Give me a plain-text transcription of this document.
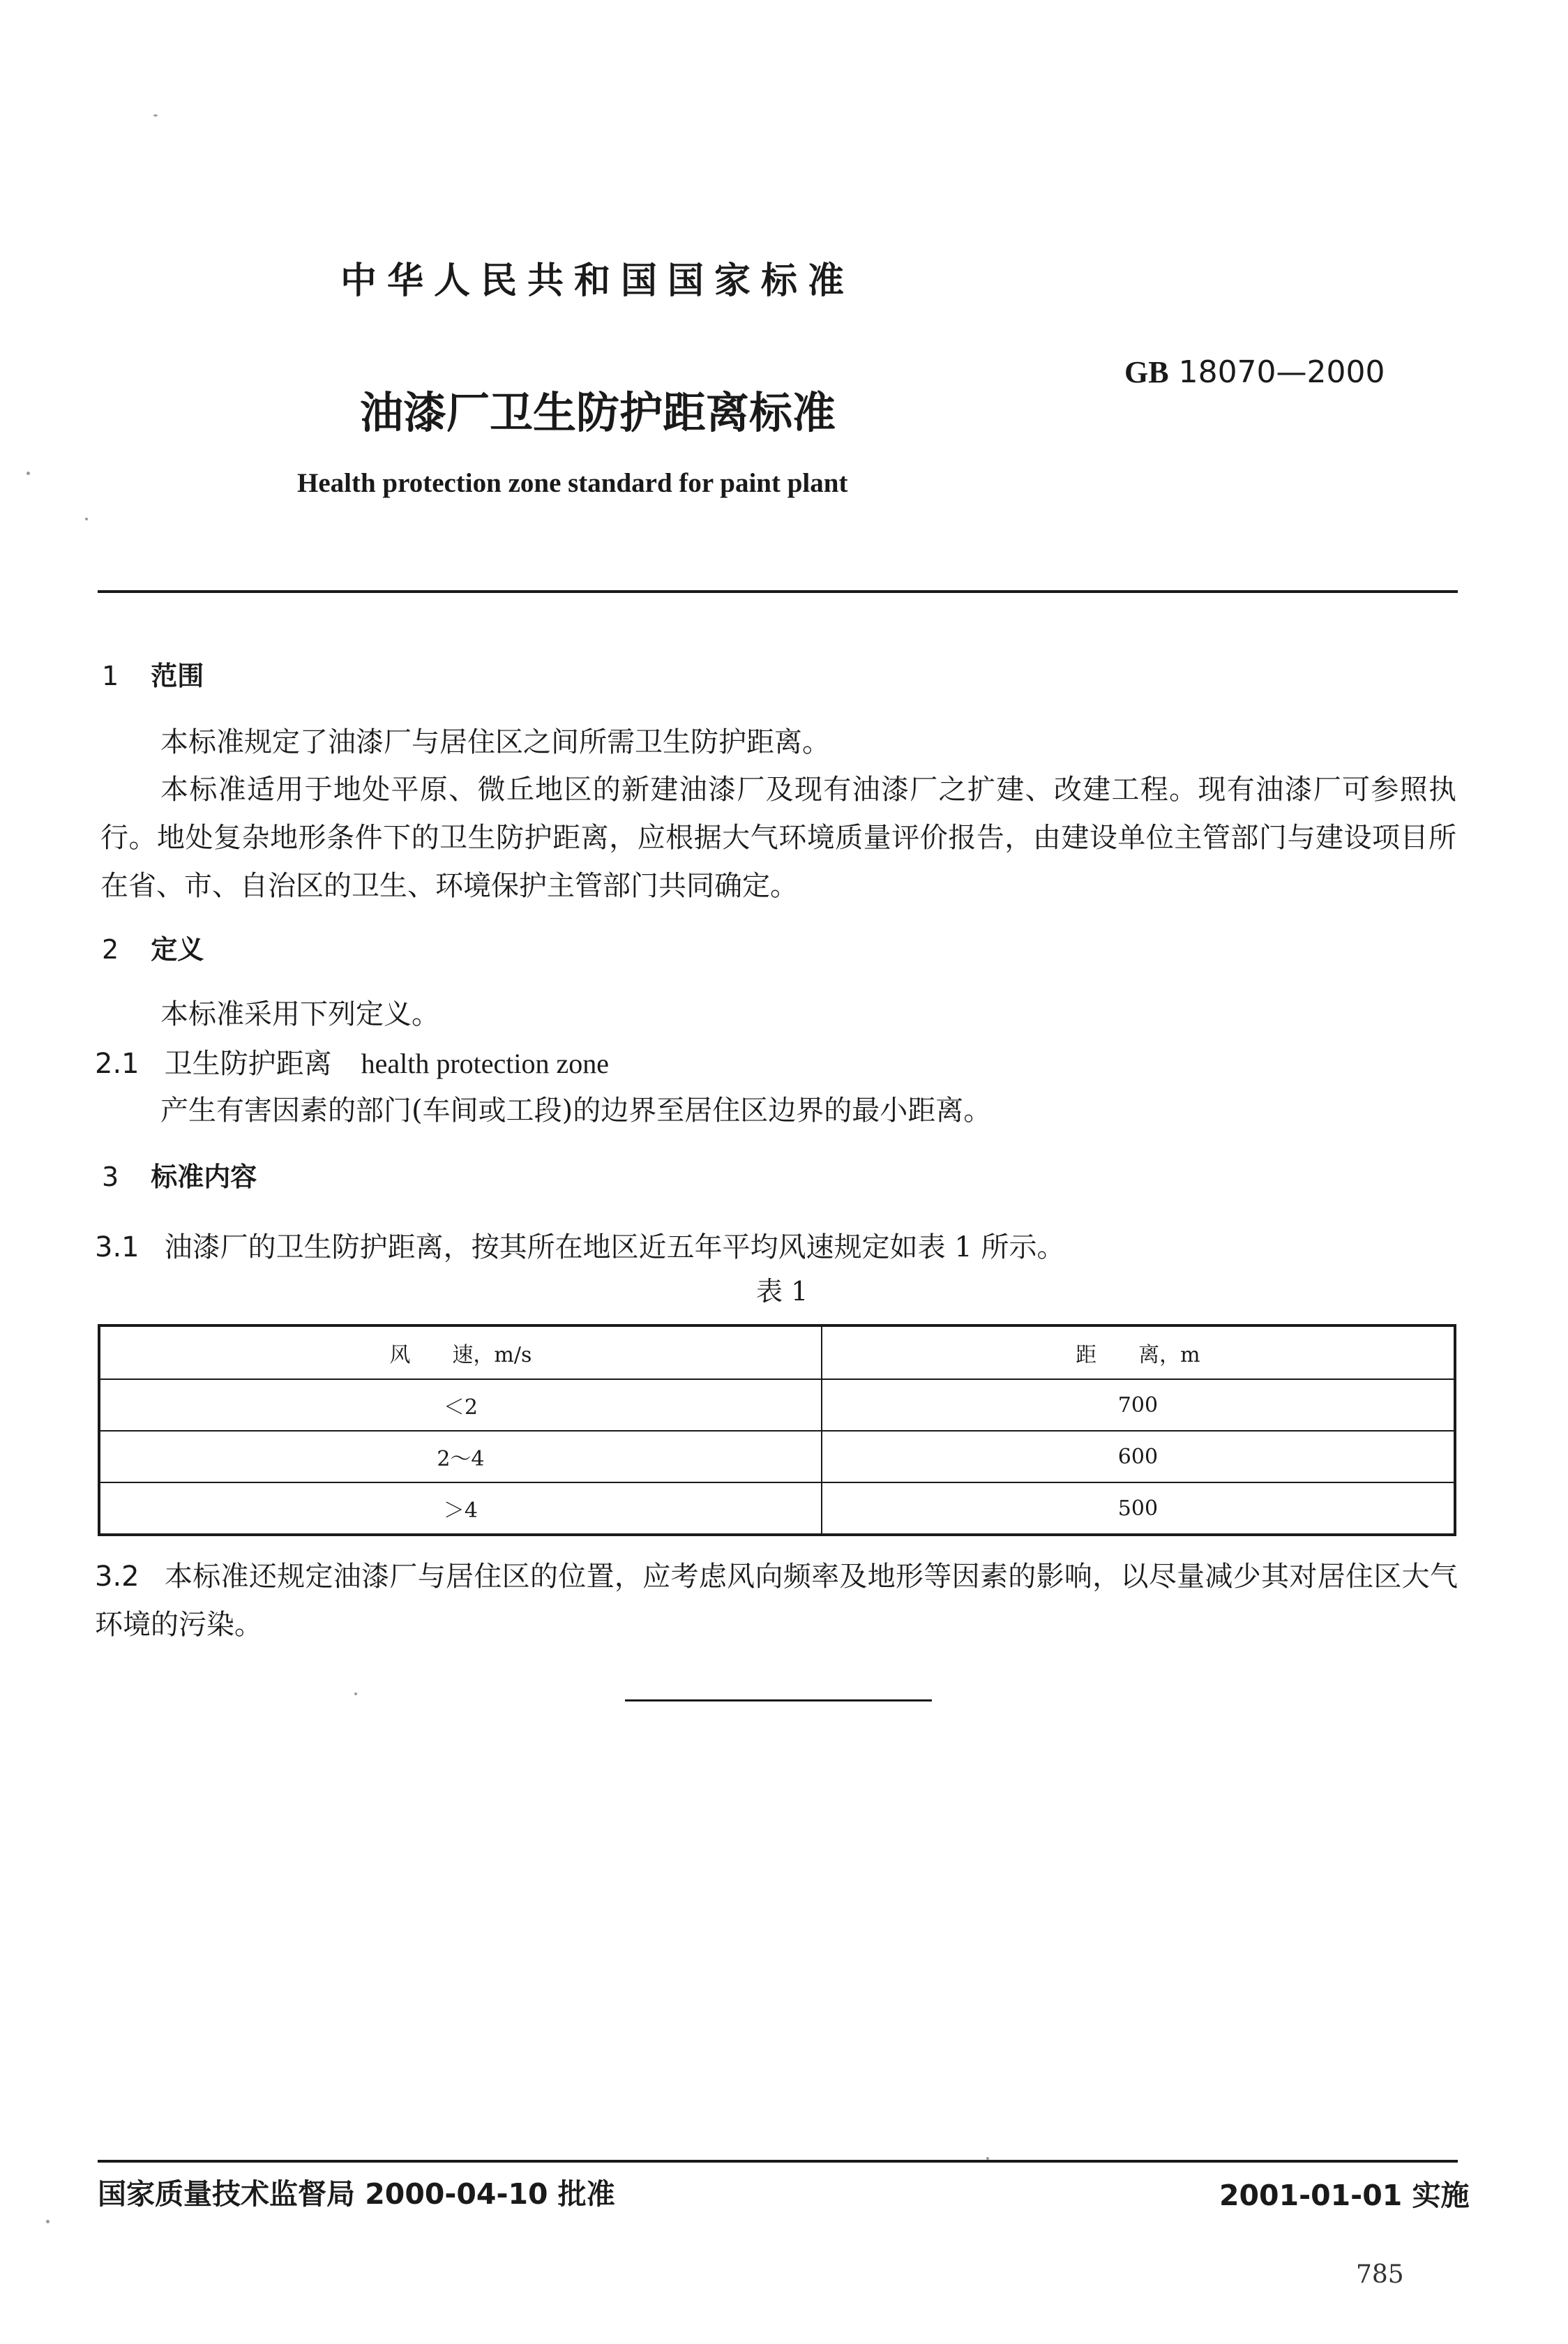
中华人民共和国国家标准
油漆厂卫生防护距离标准
GB 18070—2000
Health protection zone standard for paint plant
1 范围
本标准规定了油漆厂与居住区之间所需卫生防护距离。
本标准适用于地处平原、微丘地区的新建油漆厂及现有油漆厂之扩建、改建工程。现有油漆厂可参照执行。地处复杂地形条件下的卫生防护距离，应根据大气环境质量评价报告，由建设单位主管部门与建设项目所在省、市、自治区的卫生、环境保护主管部门共同确定。
2 定义
本标准采用下列定义。
2.1 卫生防护距离 health protection zone
产生有害因素的部门(车间或工段)的边界至居住区边界的最小距离。
3 标准内容
3.1 油漆厂的卫生防护距离，按其所在地区近五年平均风速规定如表 1 所示。
表 1
风　　速，m/s	距　　离，m
＜2	700
2～4	600
＞4	500
3.2 本标准还规定油漆厂与居住区的位置，应考虑风向频率及地形等因素的影响，以尽量减少其对居住区大气环境的污染。
国家质量技术监督局 2000-04-10 批准	2001-01-01 实施
785
